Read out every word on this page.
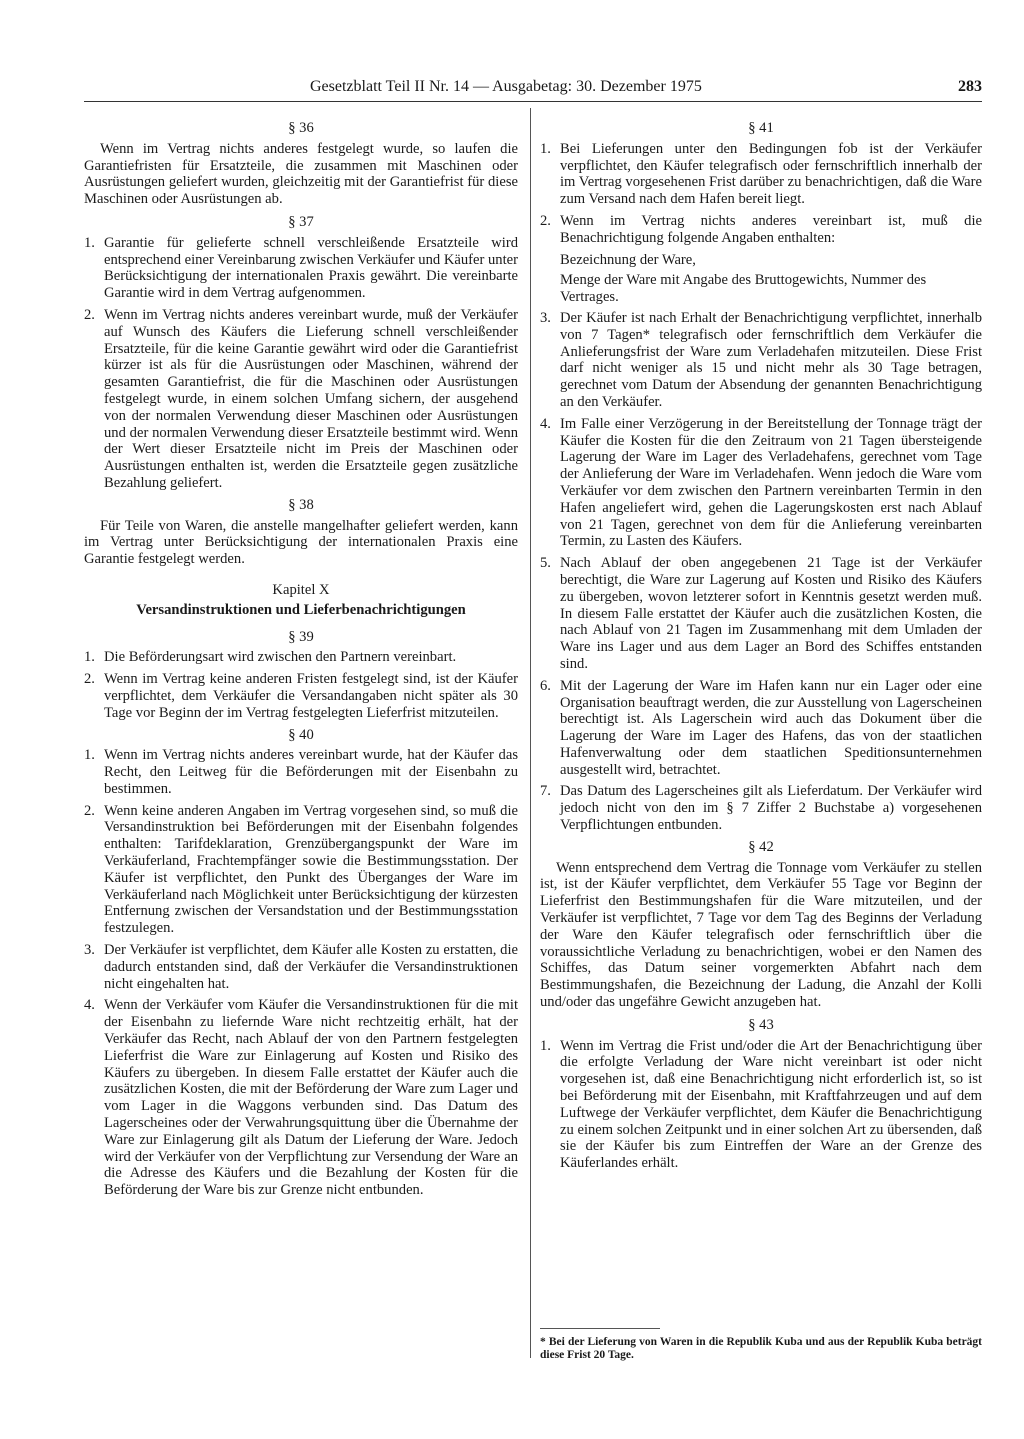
Gesetzblatt Teil II Nr. 14 — Ausgabetag: 30. Dezember 1975	283
§ 36
Wenn im Vertrag nichts anderes festgelegt wurde, so laufen die Garantiefristen für Ersatzteile, die zusammen mit Maschinen oder Ausrüstungen geliefert wurden, gleichzeitig mit der Garantiefrist für diese Maschinen oder Ausrüstungen ab.
§ 37
1. Garantie für gelieferte schnell verschleißende Ersatzteile wird entsprechend einer Vereinbarung zwischen Verkäufer und Käufer unter Berücksichtigung der internationalen Praxis gewährt. Die vereinbarte Garantie wird in dem Vertrag aufgenommen.
2. Wenn im Vertrag nichts anderes vereinbart wurde, muß der Verkäufer auf Wunsch des Käufers die Lieferung schnell verschleißender Ersatzteile, für die keine Garantie gewährt wird oder die Garantiefrist kürzer ist als für die Ausrüstungen oder Maschinen, während der gesamten Garantiefrist, die für die Maschinen oder Ausrüstungen festgelegt wurde, in einem solchen Umfang sichern, der ausgehend von der normalen Verwendung dieser Maschinen oder Ausrüstungen und der normalen Verwendung dieser Ersatzteile bestimmt wird. Wenn der Wert dieser Ersatzteile nicht im Preis der Maschinen oder Ausrüstungen enthalten ist, werden die Ersatzteile gegen zusätzliche Bezahlung geliefert.
§ 38
Für Teile von Waren, die anstelle mangelhafter geliefert werden, kann im Vertrag unter Berücksichtigung der internationalen Praxis eine Garantie festgelegt werden.
Kapitel X
Versandinstruktionen und Lieferbenachrichtigungen
§ 39
1. Die Beförderungsart wird zwischen den Partnern vereinbart.
2. Wenn im Vertrag keine anderen Fristen festgelegt sind, ist der Käufer verpflichtet, dem Verkäufer die Versandangaben nicht später als 30 Tage vor Beginn der im Vertrag festgelegten Lieferfrist mitzuteilen.
§ 40
1. Wenn im Vertrag nichts anderes vereinbart wurde, hat der Käufer das Recht, den Leitweg für die Beförderungen mit der Eisenbahn zu bestimmen.
2. Wenn keine anderen Angaben im Vertrag vorgesehen sind, so muß die Versandinstruktion bei Beförderungen mit der Eisenbahn folgendes enthalten: Tarifdeklaration, Grenzübergangspunkt der Ware im Verkäuferland, Frachtempfänger sowie die Bestimmungsstation. Der Käufer ist verpflichtet, den Punkt des Überganges der Ware im Verkäuferland nach Möglichkeit unter Berücksichtigung der kürzesten Entfernung zwischen der Versandstation und der Bestimmungsstation festzulegen.
3. Der Verkäufer ist verpflichtet, dem Käufer alle Kosten zu erstatten, die dadurch entstanden sind, daß der Verkäufer die Versandinstruktionen nicht eingehalten hat.
4. Wenn der Verkäufer vom Käufer die Versandinstruktionen für die mit der Eisenbahn zu liefernde Ware nicht rechtzeitig erhält, hat der Verkäufer das Recht, nach Ablauf der von den Partnern festgelegten Lieferfrist die Ware zur Einlagerung auf Kosten und Risiko des Käufers zu übergeben. In diesem Falle erstattet der Käufer auch die zusätzlichen Kosten, die mit der Beförderung der Ware zum Lager und vom Lager in die Waggons verbunden sind. Das Datum des Lagerscheines oder der Verwahrungsquittung über die Übernahme der Ware zur Einlagerung gilt als Datum der Lieferung der Ware. Jedoch wird der Verkäufer von der Verpflichtung zur Versendung der Ware an die Adresse des Käufers und die Bezahlung der Kosten für die Beförderung der Ware bis zur Grenze nicht entbunden.
§ 41
1. Bei Lieferungen unter den Bedingungen fob ist der Verkäufer verpflichtet, den Käufer telegrafisch oder fernschriftlich innerhalb der im Vertrag vorgesehenen Frist darüber zu benachrichtigen, daß die Ware zum Versand nach dem Hafen bereit liegt.
2. Wenn im Vertrag nichts anderes vereinbart ist, muß die Benachrichtigung folgende Angaben enthalten:
Bezeichnung der Ware,
Menge der Ware mit Angabe des Bruttogewichts, Nummer des Vertrages.
3. Der Käufer ist nach Erhalt der Benachrichtigung verpflichtet, innerhalb von 7 Tagen* telegrafisch oder fernschriftlich dem Verkäufer die Anlieferungsfrist der Ware zum Verladehafen mitzuteilen. Diese Frist darf nicht weniger als 15 und nicht mehr als 30 Tage betragen, gerechnet vom Datum der Absendung der genannten Benachrichtigung an den Verkäufer.
4. Im Falle einer Verzögerung in der Bereitstellung der Tonnage trägt der Käufer die Kosten für die den Zeitraum von 21 Tagen übersteigende Lagerung der Ware im Lager des Verladehafens, gerechnet vom Tage der Anlieferung der Ware im Verladehafen. Wenn jedoch die Ware vom Verkäufer vor dem zwischen den Partnern vereinbarten Termin in den Hafen angeliefert wird, gehen die Lagerungskosten erst nach Ablauf von 21 Tagen, gerechnet von dem für die Anlieferung vereinbarten Termin, zu Lasten des Käufers.
5. Nach Ablauf der oben angegebenen 21 Tage ist der Verkäufer berechtigt, die Ware zur Lagerung auf Kosten und Risiko des Käufers zu übergeben, wovon letzterer sofort in Kenntnis gesetzt werden muß. In diesem Falle erstattet der Käufer auch die zusätzlichen Kosten, die nach Ablauf von 21 Tagen im Zusammenhang mit dem Umladen der Ware ins Lager und aus dem Lager an Bord des Schiffes entstanden sind.
6. Mit der Lagerung der Ware im Hafen kann nur ein Lager oder eine Organisation beauftragt werden, die zur Ausstellung von Lagerscheinen berechtigt ist. Als Lagerschein wird auch das Dokument über die Lagerung der Ware im Lager des Hafens, das von der staatlichen Hafenverwaltung oder dem staatlichen Speditionsunternehmen ausgestellt wird, betrachtet.
7. Das Datum des Lagerscheines gilt als Lieferdatum. Der Verkäufer wird jedoch nicht von den im § 7 Ziffer 2 Buchstabe a) vorgesehenen Verpflichtungen entbunden.
§ 42
Wenn entsprechend dem Vertrag die Tonnage vom Verkäufer zu stellen ist, ist der Käufer verpflichtet, dem Verkäufer 55 Tage vor Beginn der Lieferfrist den Bestimmungshafen für die Ware mitzuteilen, und der Verkäufer ist verpflichtet, 7 Tage vor dem Tag des Beginns der Verladung der Ware den Käufer telegrafisch oder fernschriftlich über die voraussichtliche Verladung zu benachrichtigen, wobei er den Namen des Schiffes, das Datum seiner vorgemerkten Abfahrt nach dem Bestimmungshafen, die Bezeichnung der Ladung, die Anzahl der Kolli und/oder das ungefähre Gewicht anzugeben hat.
§ 43
1. Wenn im Vertrag die Frist und/oder die Art der Benachrichtigung über die erfolgte Verladung der Ware nicht vereinbart ist oder nicht vorgesehen ist, daß eine Benachrichtigung nicht erforderlich ist, so ist bei Beförderung mit der Eisenbahn, mit Kraftfahrzeugen und auf dem Luftwege der Verkäufer verpflichtet, dem Käufer die Benachrichtigung zu einem solchen Zeitpunkt und in einer solchen Art zu übersenden, daß sie der Käufer bis zum Eintreffen der Ware an der Grenze des Käuferlandes erhält.
* Bei der Lieferung von Waren in die Republik Kuba und aus der Republik Kuba beträgt diese Frist 20 Tage.
